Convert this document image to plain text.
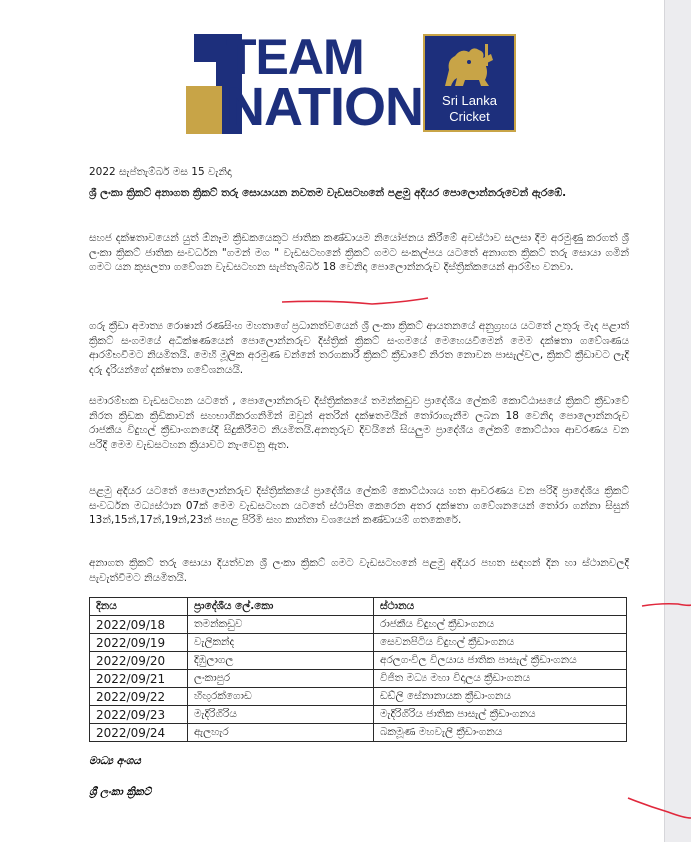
TEAM
NATION	Sri Lanka
Cricket
2022 සැප්තැම්බර් මස 15 වැනිදා
ශ්‍රී ලංකා ක්‍රිකට් අනාගත ක්‍රිකට් තරු සොයායන නවතම වැඩසටහනේ පළමු අදියර පොලොන්නරුවෙන් ඇරඹේ.
සහජ දක්ෂතාවයෙන් යුත් ඕනෑම ක්‍රිඩකයෙකුට ජාතික කණ්ඩායම නියෝජනය කිරීමේ අවස්ථාව සලසා දීම අරමුණු කරගත් ශ්‍රී ලංකා ක්‍රිකට් ජාතික සංවර්ධන "ගමන් මග " වැඩසටහනේ ක්‍රිකට් ගමට සංකල්පය යටතේ අනාගත ක්‍රිකට් තරු සොයා ගමින් ගමට යන කුසලතා ගවේශන වැඩසටහන සැප්තැම්බර් 18 වෙනිදා පොලොන්නරුව දිස්ත්‍රික්කයෙන් ආරම්භ වනවා.
ගරු ක්‍රීඩා අමාත්‍ය රොෂාන් රණසිංහ මහතාගේ ප්‍රධානත්වයෙන් ශ්‍රී ලංකා ක්‍රිකට් ආයතනයේ අනුග්‍රහය යටතේ උතුරු මැද පළාත් ක්‍රිකට් සංගමයේ අධීක්ෂණයෙන් පොලොන්නරුව දිස්ත්‍රික් ක්‍රිකට් සංගමයේ මෙහෙයවීමෙන් මෙම දක්ෂතා ගවේශණය ආරම්භවීමට නියමිතයි. මෙහි මූලික අරමුණ වන්නේ තරගකාරී ක්‍රිකට් ක්‍රීඩාවේ නිරත නොවන පාසැල්වල, ක්‍රිකට් ක්‍රීඩාවට ලැදි දරු දැරියන්ගේ දක්ෂතා ගවේශනයයි.
සමාරම්භක වැඩසටහන යටතේ , පොලොන්නරුව දිස්ත්‍රික්කයේ තමන්කඩුව ප්‍රාදේශීය ලේකම් කොට්ඨාසයේ ක්‍රිකට් ක්‍රීඩාවේ නිරත ක්‍රිඩක ක්‍රිඩිකාවන් සහභාගිකරගනිමින් ඔවුන් අතරින් දක්ෂතමයින් තෝරාගැනීම ලබන 18 වෙනිදා පොලොන්නරුව රාජකීය විදුහල් ක්‍රීඩාංගනයේදී සිදුකිරීමට නියමිතයි.අනතුරුව දිවයිනේ සියලුම ප්‍රාදේශීය ලේකම් කොට්ඨාශ ආවරණය වන පරිදි මෙම වැඩසටහන ක්‍රියාවට නැංවෙනු ඇත.
පළමු අදියර යටතේ පොලොන්නරුව දිස්ත්‍රික්කයේ ප්‍රාදේශීය ලේකම් කොට්ඨාශය හත ආවරණය වන පරිදි ප්‍රාදේශීය ක්‍රිකට් සංවර්ධන මධ්‍යස්ථාන 07ක් මෙම වැඩසටහන යටතේ ස්ථාපිත කෙරෙන අතර දක්ෂතා ගවේශනයෙන් තෝරා ගන්නා සිසුන් 13න්,15න්,17න්,19න්,23න් පහළ පිරිමි සහ කාන්තා වශයෙන් කණ්ඩායම් ගතකෙරේ.
අනාගත ක්‍රිකට් තරු සොයා දියත්වන ශ්‍රී ලංකා ක්‍රිකට් ගමට වැඩසටහනේ පළමු අදියර පහත සඳහන් දින හා ස්ථානවලදී පැවැත්වීමට නියමිතයි.
දිනය	ප්‍රාදේශීය ලේ.කො	ස්ථානය
2022/09/18	තමන්කඩුව	රාජකීය විදුහල් ක්‍රීඩාංගනය
2022/09/19	වැලිකන්ද	සෙවනපිටිය විදුහල් ක්‍රීඩාංගනය
2022/09/20	දිඹුලාගල	අරලගංවිල විලයාය ජාතික පාසැල් ක්‍රීඩාංගනය
2022/09/21	ලංකාපුර	විජිත මධ්‍ය මහා විදාලය ක්‍රීඩාංගනය
2022/09/22	හිඟුරක්ගොඩ	ඩඩ්ලි සේනානායක ක්‍රීඩාංගනය
2022/09/23	මැදිරිගිරිය	මැදිරිගිරිය ජාතික පාසැල් ක්‍රීඩාංගනය
2022/09/24	ඇලහැර	බකමූණ මහවැලි ක්‍රීඩාංගනය
මාධ්‍ය අංශය
ශ්‍රී ලංකා ක්‍රිකට්
